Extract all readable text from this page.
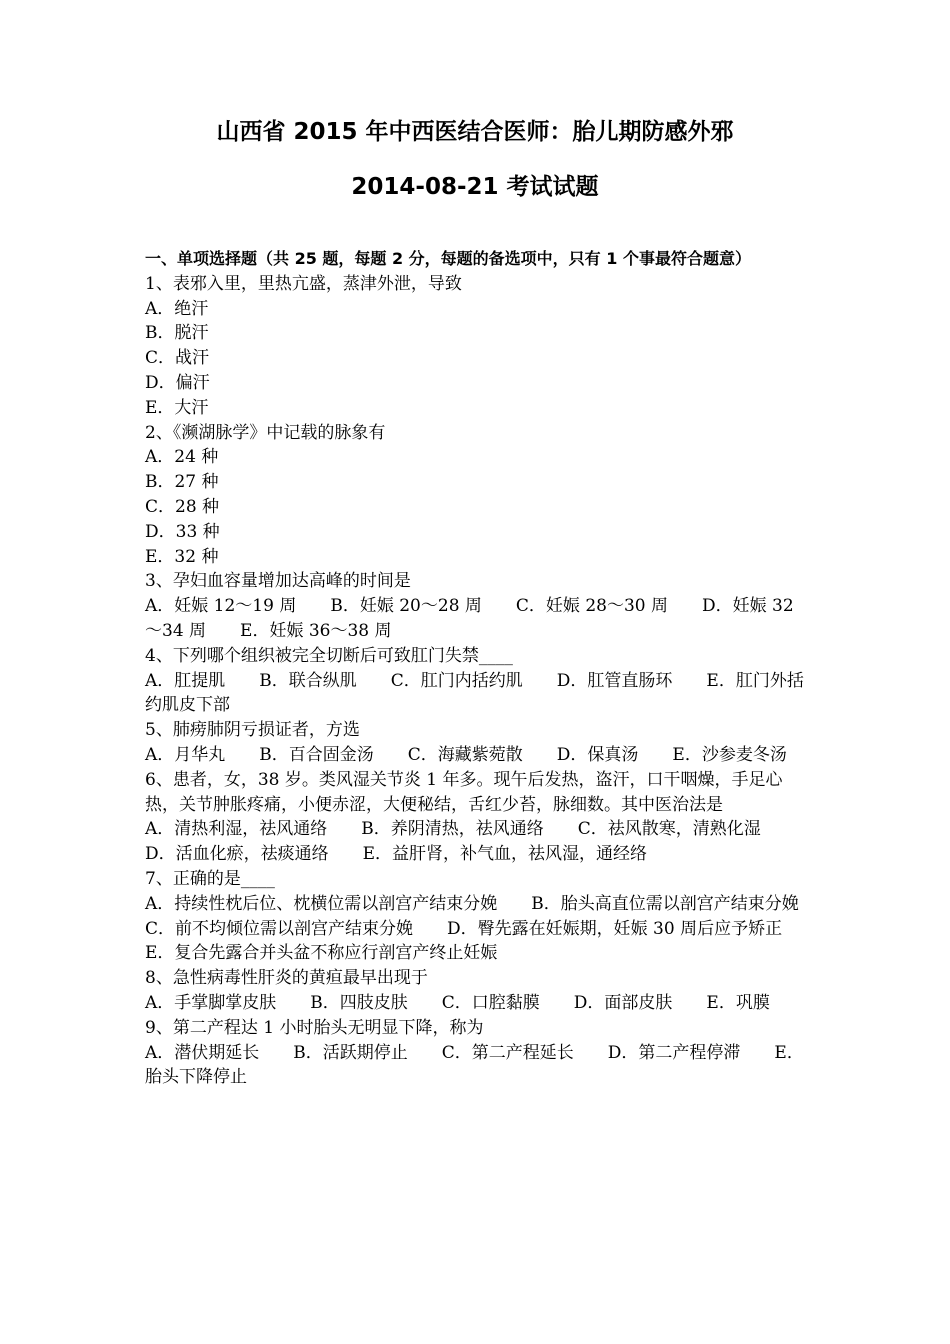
山西省 2015 年中西医结合医师：胎儿期防感外邪
2014-08-21 考试试题
一、单项选择题（共 25 题，每题 2 分，每题的备选项中，只有 1 个事最符合题意）
1、表邪入里，里热亢盛，蒸津外泄，导致
A．绝汗
B．脱汗
C．战汗
D．偏汗
E．大汗
2、《濒湖脉学》中记载的脉象有
A．24 种
B．27 种
C．28 种
D．33 种
E．32 种
3、孕妇血容量增加达高峰的时间是
A．妊娠 12～19 周　　B．妊娠 20～28 周　　C．妊娠 28～30 周　　D．妊娠 32～34 周　　E．妊娠 36～38 周
4、下列哪个组织被完全切断后可致肛门失禁____
A．肛提肌　　B．联合纵肌　　C．肛门内括约肌　　D．肛管直肠环　　E．肛门外括约肌皮下部
5、肺痨肺阴亏损证者，方选
A．月华丸　　B．百合固金汤　　C．海藏紫菀散　　D．保真汤　　E．沙参麦冬汤
6、患者，女，38 岁。类风湿关节炎 1 年多。现午后发热，盗汗，口干咽燥，手足心热，关节肿胀疼痛，小便赤涩，大便秘结，舌红少苔，脉细数。其中医治法是
A．清热利湿，祛风通络　　B．养阴清热，祛风通络　　C．祛风散寒，清熟化湿　　D．活血化瘀，祛痰通络　　E．益肝肾，补气血，祛风湿，通经络
7、正确的是____
A．持续性枕后位、枕横位需以剖宫产结束分娩　　B．胎头高直位需以剖宫产结束分娩　　C．前不均倾位需以剖宫产结束分娩　　D．臀先露在妊娠期，妊娠 30 周后应予矫正　　E．复合先露合并头盆不称应行剖宫产终止妊娠
8、急性病毒性肝炎的黄疸最早出现于
A．手掌脚掌皮肤　　B．四肢皮肤　　C．口腔黏膜　　D．面部皮肤　　E．巩膜
9、第二产程达 1 小时胎头无明显下降，称为
A．潜伏期延长　　B．活跃期停止　　C．第二产程延长　　D．第二产程停滞　　E．胎头下降停止
